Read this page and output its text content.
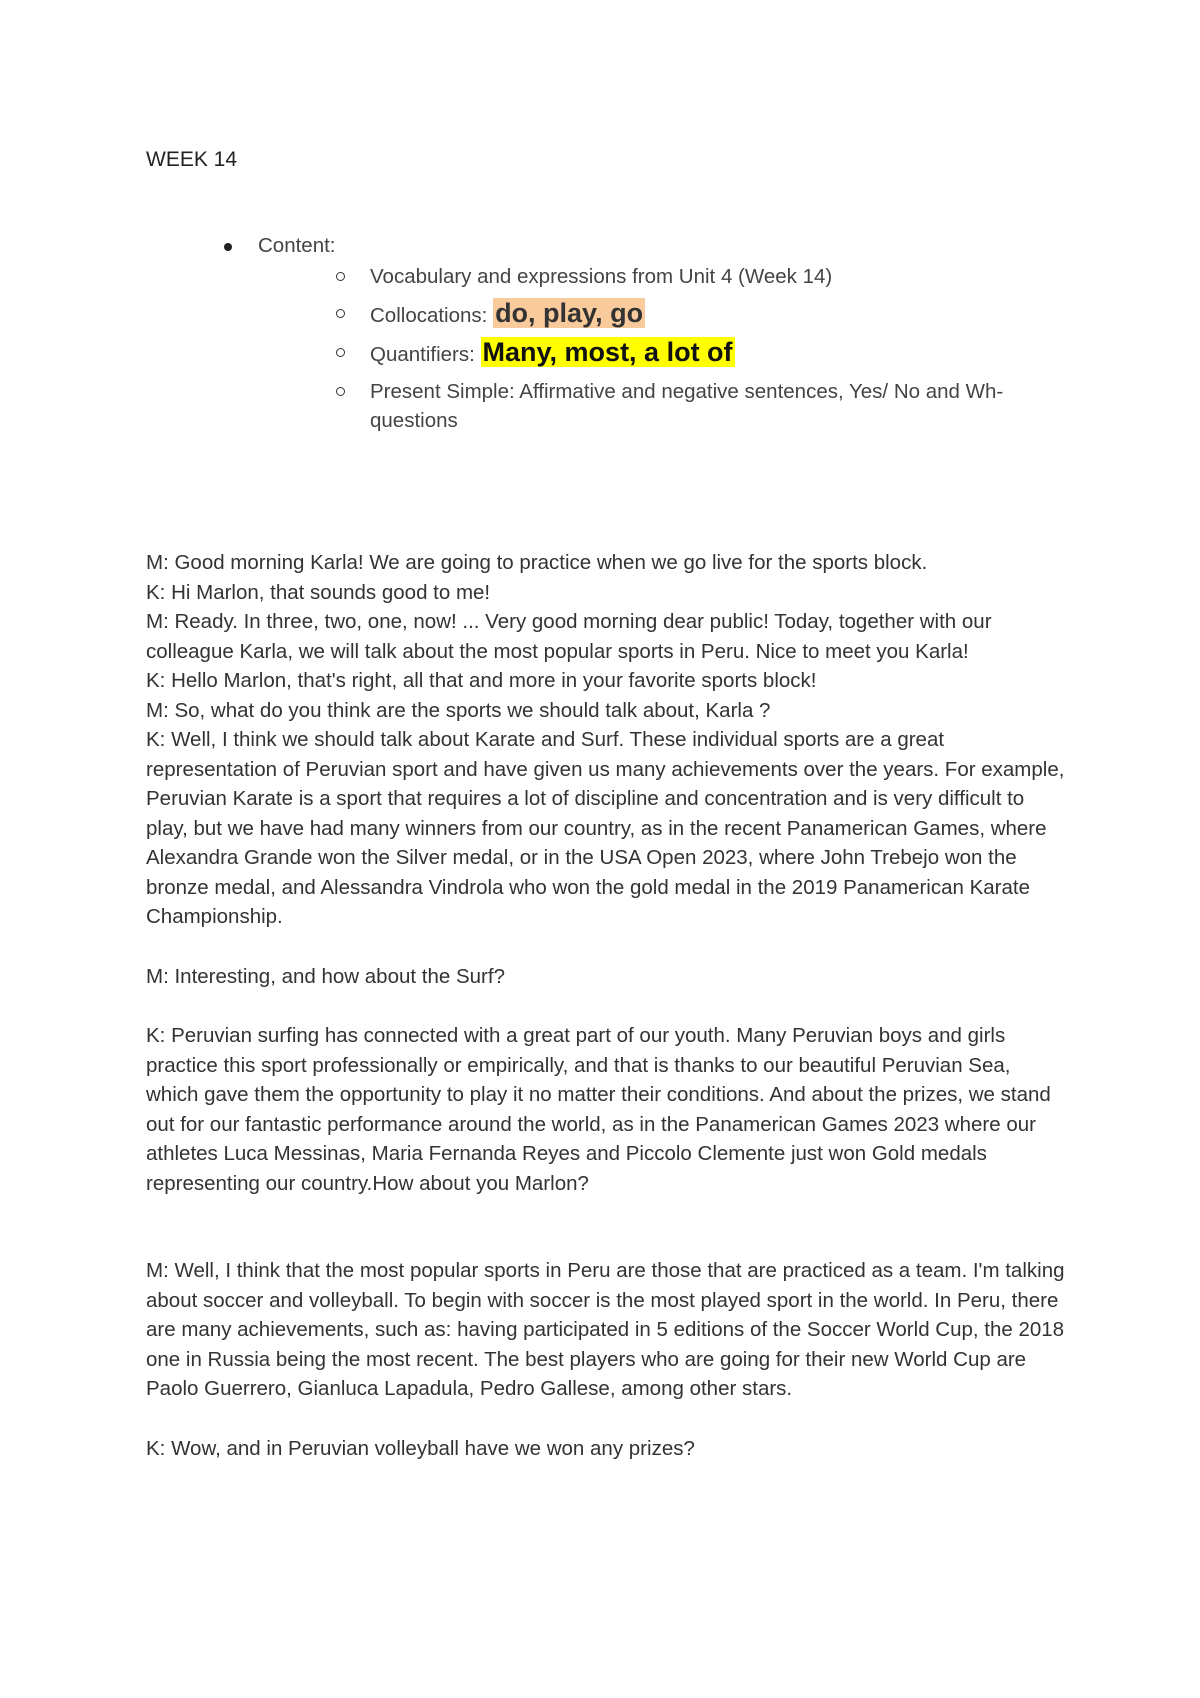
WEEK 14
Content:
Vocabulary and expressions from Unit 4 (Week 14)
Collocations: do, play, go
Quantifiers: Many, most, a lot of
Present Simple: Affirmative and negative sentences, Yes/ No and Wh-questions

M: Good morning Karla! We are going to practice when we go live for the sports block.

K: Hi Marlon, that sounds good to me!

M: Ready. In three, two, one, now! ... Very good morning dear public! Today, together with our colleague Karla, we will talk about the most popular sports in Peru. Nice to meet you Karla!

K: Hello Marlon, that's right, all that and more in your favorite sports block!

M: So, what do you think are the sports we should talk about, Karla ?

K: Well, I think we should talk about Karate and Surf. These individual sports are a great representation of Peruvian sport and have given us many achievements over the years. For example, Peruvian Karate is a sport that requires a lot of discipline and concentration and is very difficult to play, but we have had many winners from our country, as in the recent Panamerican Games, where Alexandra Grande won the Silver medal, or in the USA Open 2023, where John Trebejo won the bronze medal, and Alessandra Vindrola who won the gold medal in the 2019 Panamerican Karate Championship.

M: Interesting, and how about the Surf?

K: Peruvian surfing has connected with a great part of our youth. Many Peruvian boys and girls practice this sport professionally or empirically, and that is thanks to our beautiful Peruvian Sea, which gave them the opportunity to play it no matter their conditions. And about the prizes, we stand out for our fantastic performance around the world, as in the Panamerican Games 2023 where our athletes Luca Messinas, Maria Fernanda Reyes and Piccolo Clemente just won Gold medals representing our country.How about you Marlon?

M: Well, I think that the most popular sports in Peru are those that are practiced as a team. I'm talking about soccer and volleyball. To begin with soccer is the most played sport in the world. In Peru, there are many achievements, such as: having participated in 5 editions of the Soccer World Cup, the 2018 one in Russia being the most recent. The best players who are going for their new World Cup are Paolo Guerrero, Gianluca Lapadula, Pedro Gallese, among other stars.

K: Wow, and in Peruvian volleyball have we won any prizes?
